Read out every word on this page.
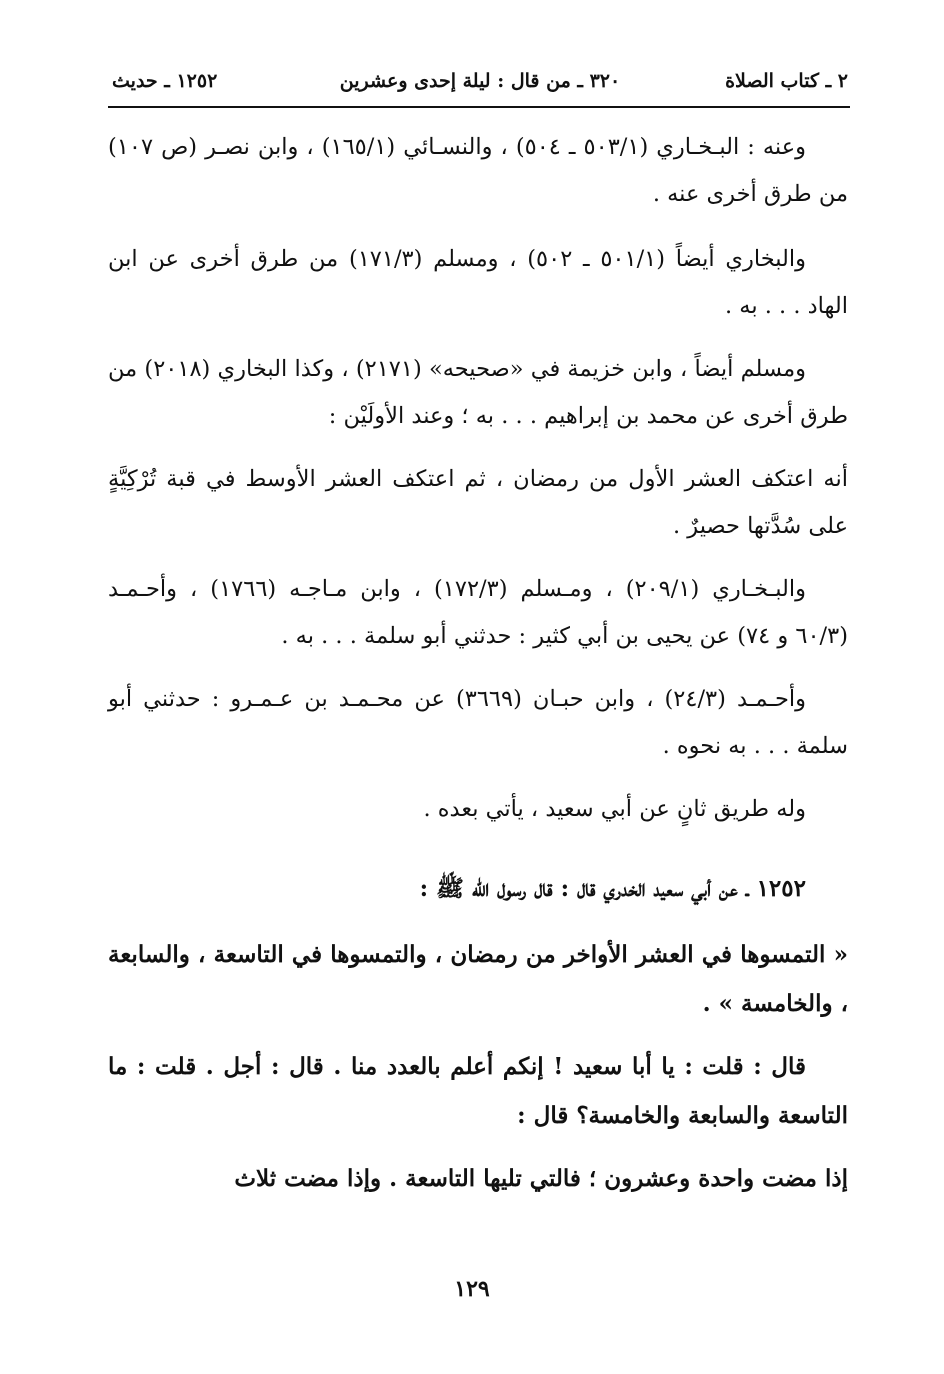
٢ ـ كتاب الصلاة
٣٢٠ ـ من قال : ليلة إحدى وعشرين
١٢٥٢ ـ حديث
وعنه : البـخـاري (٥٠٣/١ ـ ٥٠٤) ، والنسـائي (١٦٥/١) ، وابن نصـر (ص ١٠٧) من طرق أخرى عنه .
والبخاري أيضاً (٥٠١/١ ـ ٥٠٢) ، ومسلم (١٧١/٣) من طرق أخرى عن ابن الهاد . . . به .
ومسلم أيضاً ، وابن خزيمة في «صحيحه» (٢١٧١) ، وكذا البخاري (٢٠١٨) من طرق أخرى عن محمد بن إبراهيم . . . به ؛ وعند الأولَيْن :
أنه اعتكف العشر الأول من رمضان ، ثم اعتكف العشر الأوسط في قبة تُرْكِيَّةٍ على سُدَّتها حصيرٌ .
والبـخـاري (٢٠٩/١) ، ومـسلم (١٧٢/٣) ، وابن مـاجـه (١٧٦٦) ، وأحـمـد (٦٠/٣ و ٧٤) عن يحيى بن أبي كثير : حدثني أبو سلمة . . . به .
وأحـمـد (٢٤/٣) ، وابن حبـان (٣٦٦٩) عن محـمـد بن عـمـرو : حدثني أبو سلمة . . . به نحوه .
وله طريق ثانٍ عن أبي سعيد ، يأتي بعده .
١٢٥٢ ـ عن أبي سعيد الخدري قال : قال رسول الله ﷺ :
« التمسوها في العشر الأواخر من رمضان ، والتمسوها في التاسعة ، والسابعة ، والخامسة » .
قال : قلت : يا أبا سعيد ! إنكم أعلم بالعدد منا . قال : أجل . قلت : ما التاسعة والسابعة والخامسة؟ قال :
إذا مضت واحدة وعشرون ؛ فالتي تليها التاسعة . وإذا مضت ثلاث
١٢٩
